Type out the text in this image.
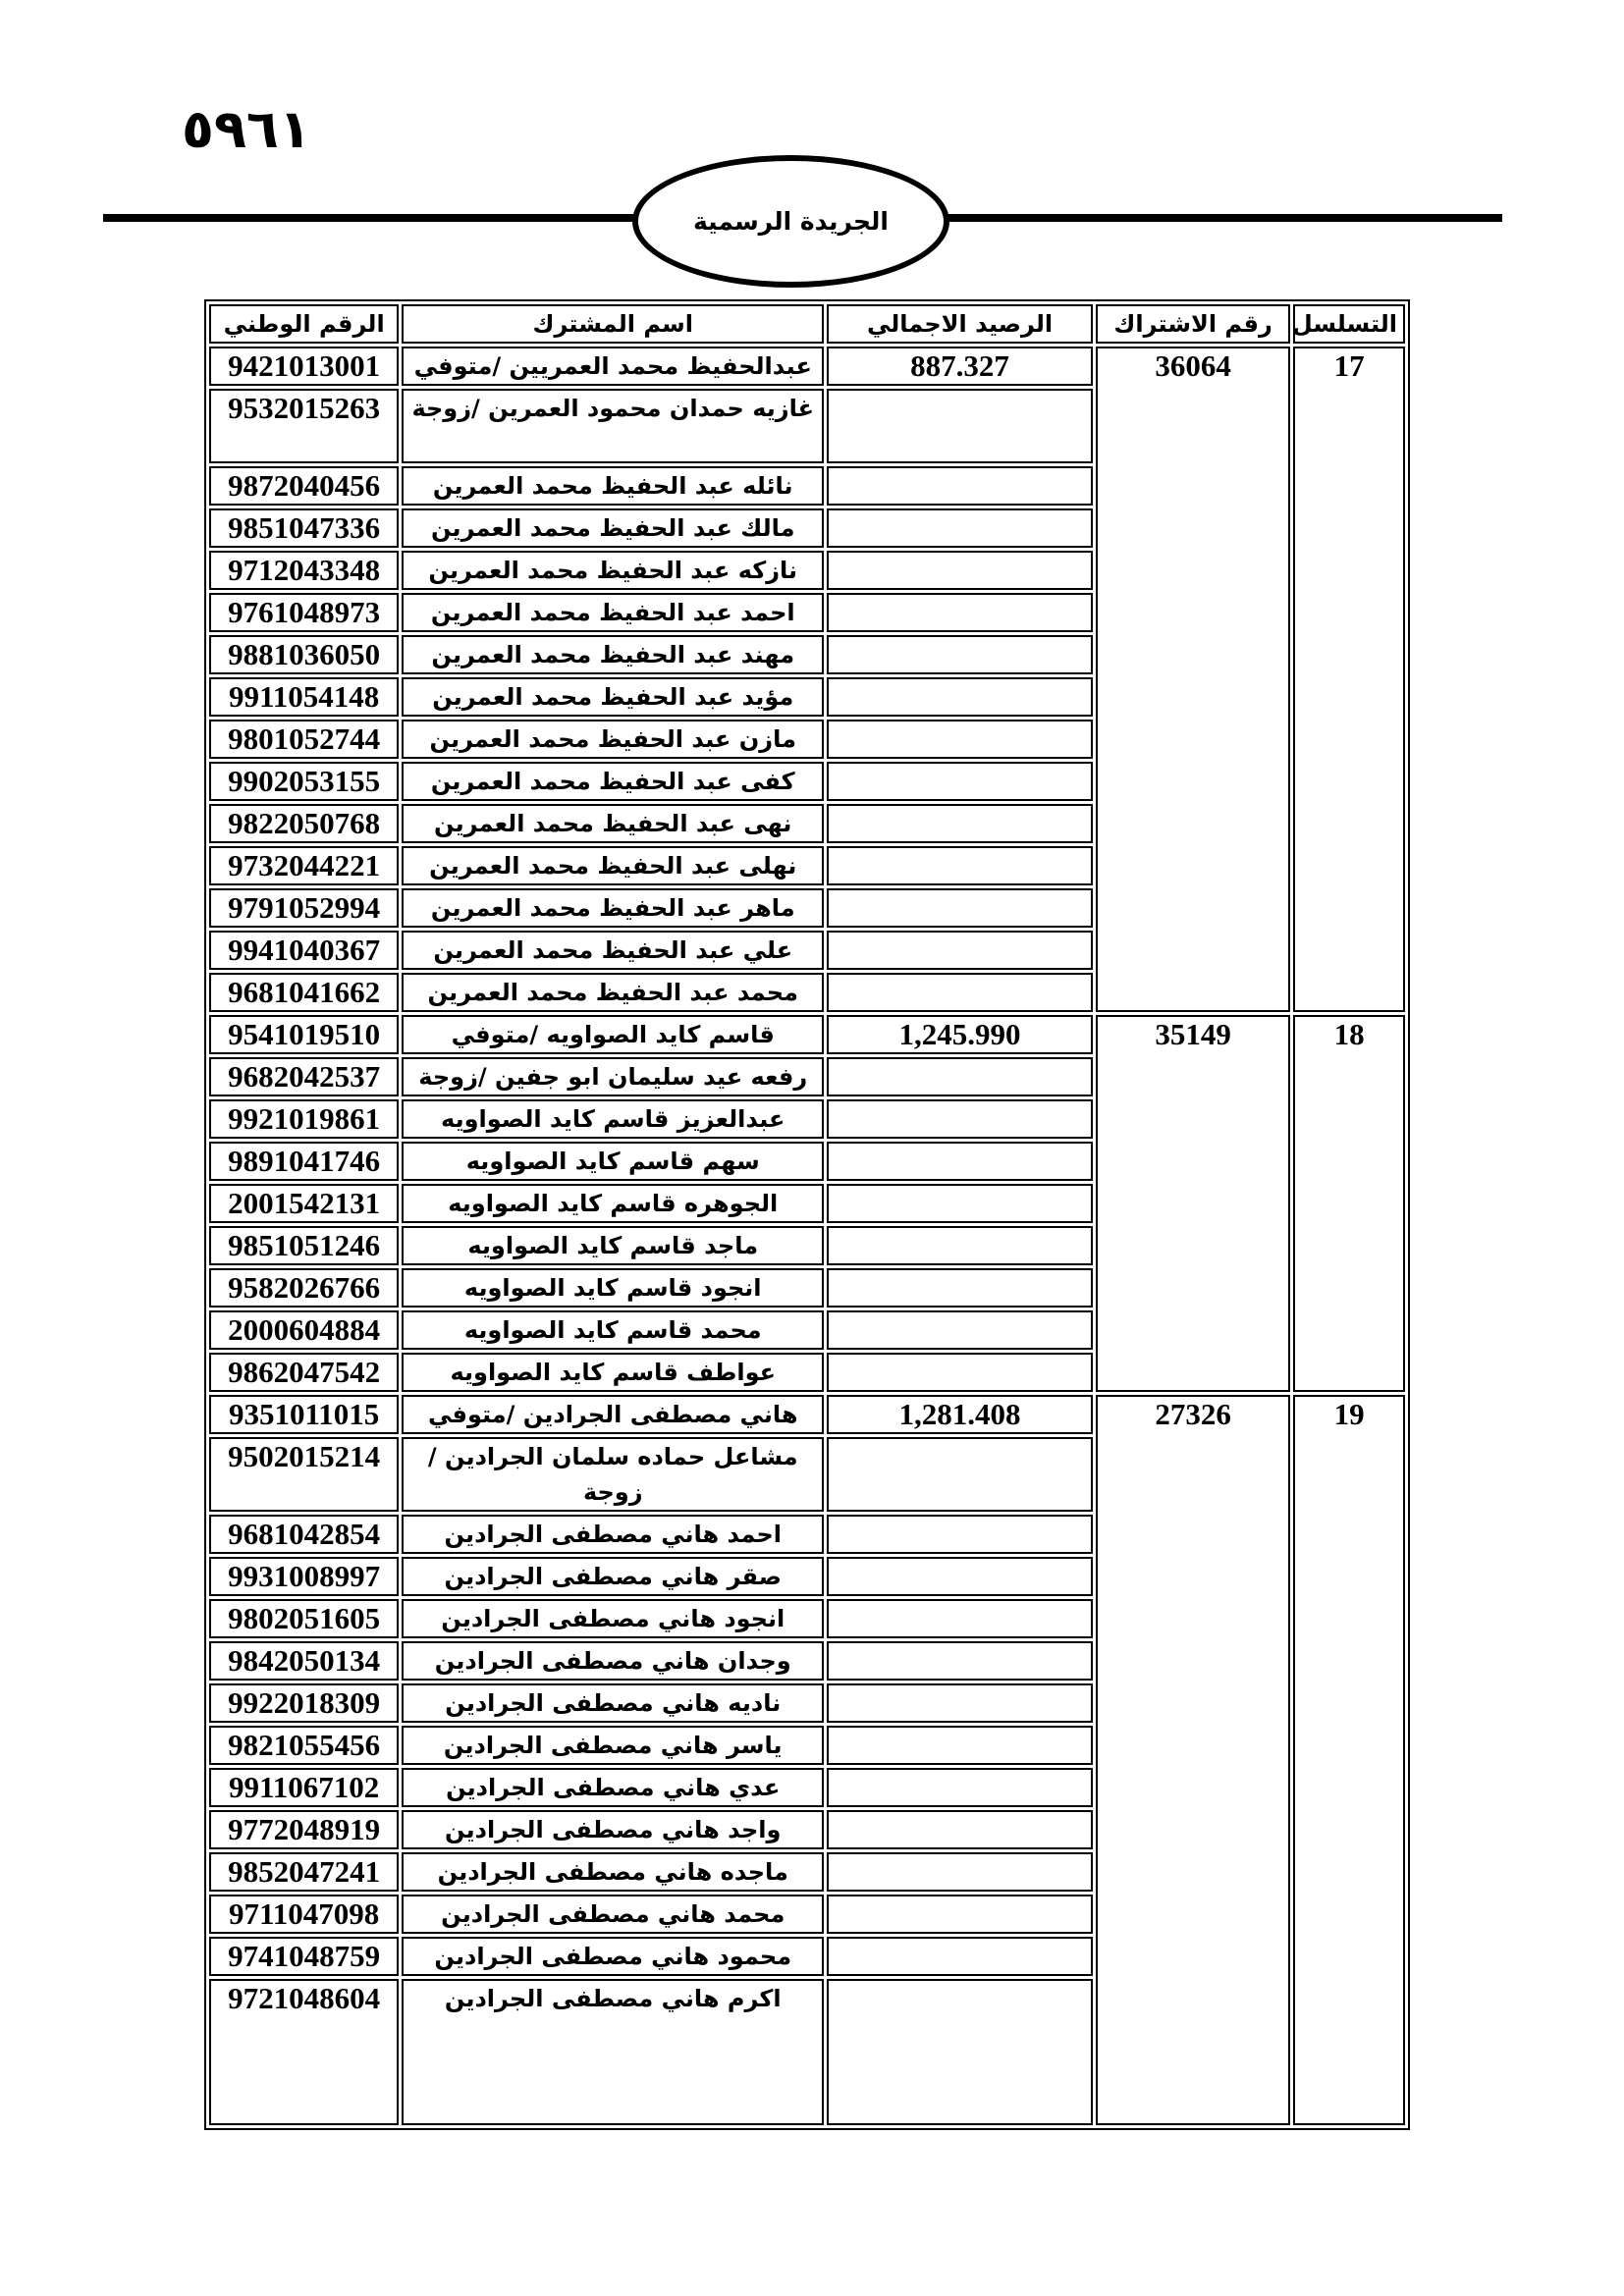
٥٩٦١
الجريدة الرسمية
التسلسل	رقم الاشتراك	الرصيد الاجمالي	اسم المشترك	الرقم الوطني
17	36064	887.327	عبدالحفيظ محمد العمريين /متوفي	9421013001
			غازيه حمدان محمود العمرين /زوجة	9532015263
			نائله عبد الحفيظ محمد العمرين	9872040456
			مالك عبد الحفيظ محمد العمرين	9851047336
			نازكه عبد الحفيظ محمد العمرين	9712043348
			احمد عبد الحفيظ محمد العمرين	9761048973
			مهند عبد الحفيظ محمد العمرين	9881036050
			مؤيد عبد الحفيظ محمد العمرين	9911054148
			مازن عبد الحفيظ محمد العمرين	9801052744
			كفى عبد الحفيظ محمد العمرين	9902053155
			نهى عبد الحفيظ محمد العمرين	9822050768
			نهلى عبد الحفيظ محمد العمرين	9732044221
			ماهر عبد الحفيظ محمد العمرين	9791052994
			علي عبد الحفيظ محمد العمرين	9941040367
			محمد عبد الحفيظ محمد العمرين	9681041662
18	35149	1,245.990	قاسم كايد الصواويه /متوفي	9541019510
			رفعه عيد سليمان ابو جفين /زوجة	9682042537
			عبدالعزيز قاسم كايد الصواويه	9921019861
			سهم قاسم كايد الصواويه	9891041746
			الجوهره قاسم كايد الصواويه	2001542131
			ماجد قاسم كايد الصواويه	9851051246
			انجود قاسم كايد الصواويه	9582026766
			محمد قاسم كايد الصواويه	2000604884
			عواطف قاسم كايد الصواويه	9862047542
19	27326	1,281.408	هاني مصطفى الجرادين /متوفي	9351011015
			مشاعل حماده سلمان الجرادين /زوجة	9502015214
			احمد هاني مصطفى الجرادين	9681042854
			صقر هاني مصطفى الجرادين	9931008997
			انجود هاني مصطفى الجرادين	9802051605
			وجدان هاني مصطفى الجرادين	9842050134
			ناديه هاني مصطفى الجرادين	9922018309
			ياسر هاني مصطفى الجرادين	9821055456
			عدي هاني مصطفى الجرادين	9911067102
			واجد هاني مصطفى الجرادين	9772048919
			ماجده هاني مصطفى الجرادين	9852047241
			محمد هاني مصطفى الجرادين	9711047098
			محمود هاني مصطفى الجرادين	9741048759
			اكرم هاني مصطفى الجرادين	9721048604
